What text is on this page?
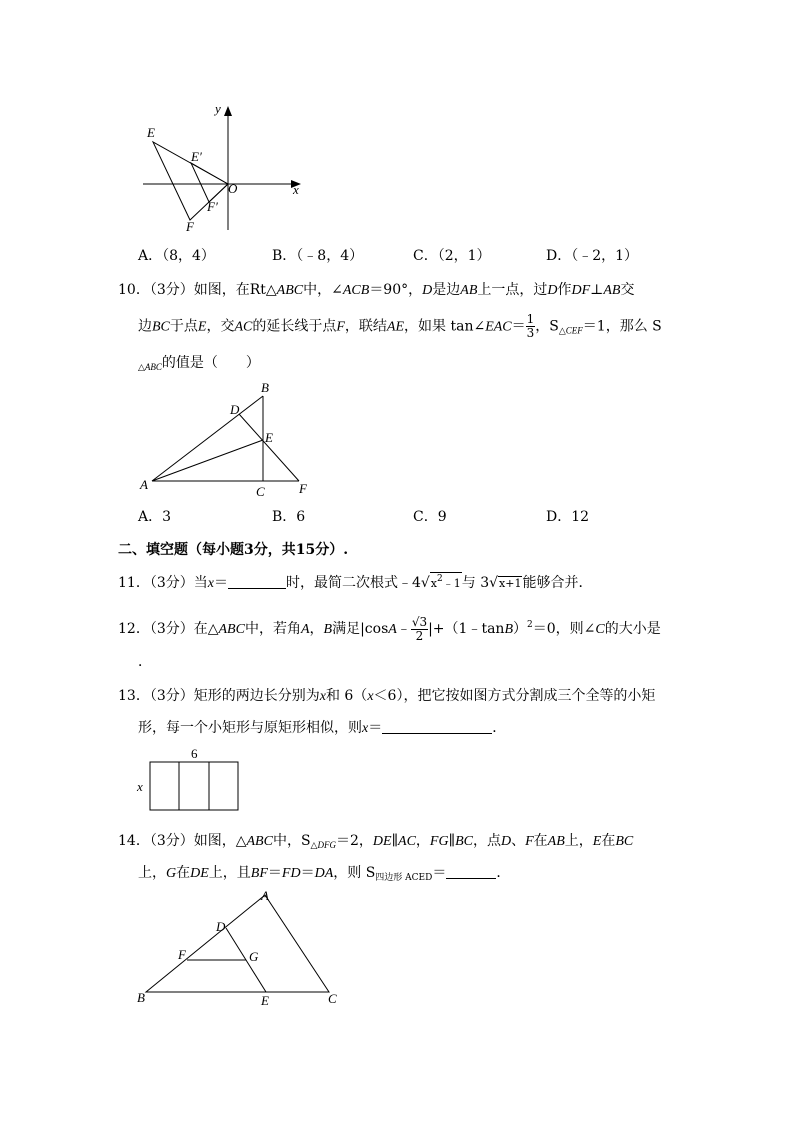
y
x
E
E′
O
F′
F
A．（8，4）	B．（﹣8，4）	C．（2，1）	D．（﹣2，1）
10．（3分）如图，在Rt△ABC中，∠ACB＝90°，D是边AB上一点，过D作DF⊥AB交
边BC于点E，交AC的延长线于点F，联结AE，如果 tan∠EAC＝ $\frac{1}{3}$ ，$S_{\triangle CEF}=1$，那么 S
$_{\triangle ABC}$的值是（　　）
B
D
E
A	C	F
A．3	B．6	C．9	D．12
二、填空题（每小题3分，共15分）.
11．（3分）当x＝	时，最简二次根式$﹣4√x^2﹣1$与 3√x+1能够合并．
12．（3分）在△ABC中，若角A，B满足|cosA﹣ $\frac{√3}{2}$ |+（1﹣tanB）$^2$＝0，则∠C的大小是
．
13．（3分）矩形的两边长分别为x和 6（x＜6），把它按如图方式分割成三个全等的小矩
形，每一个小矩形与原矩形相似，则x＝	．
6
x
14．（3分）如图，△ABC中，$S_{\triangle DFG}=2$，DE∥AC，FG∥BC，点D、F在AB上，E在BC
上，G在DE上，且BF＝FD＝DA，则 $S_{四边形 ACED}=$	．
A
D
F	G
B	E	C
